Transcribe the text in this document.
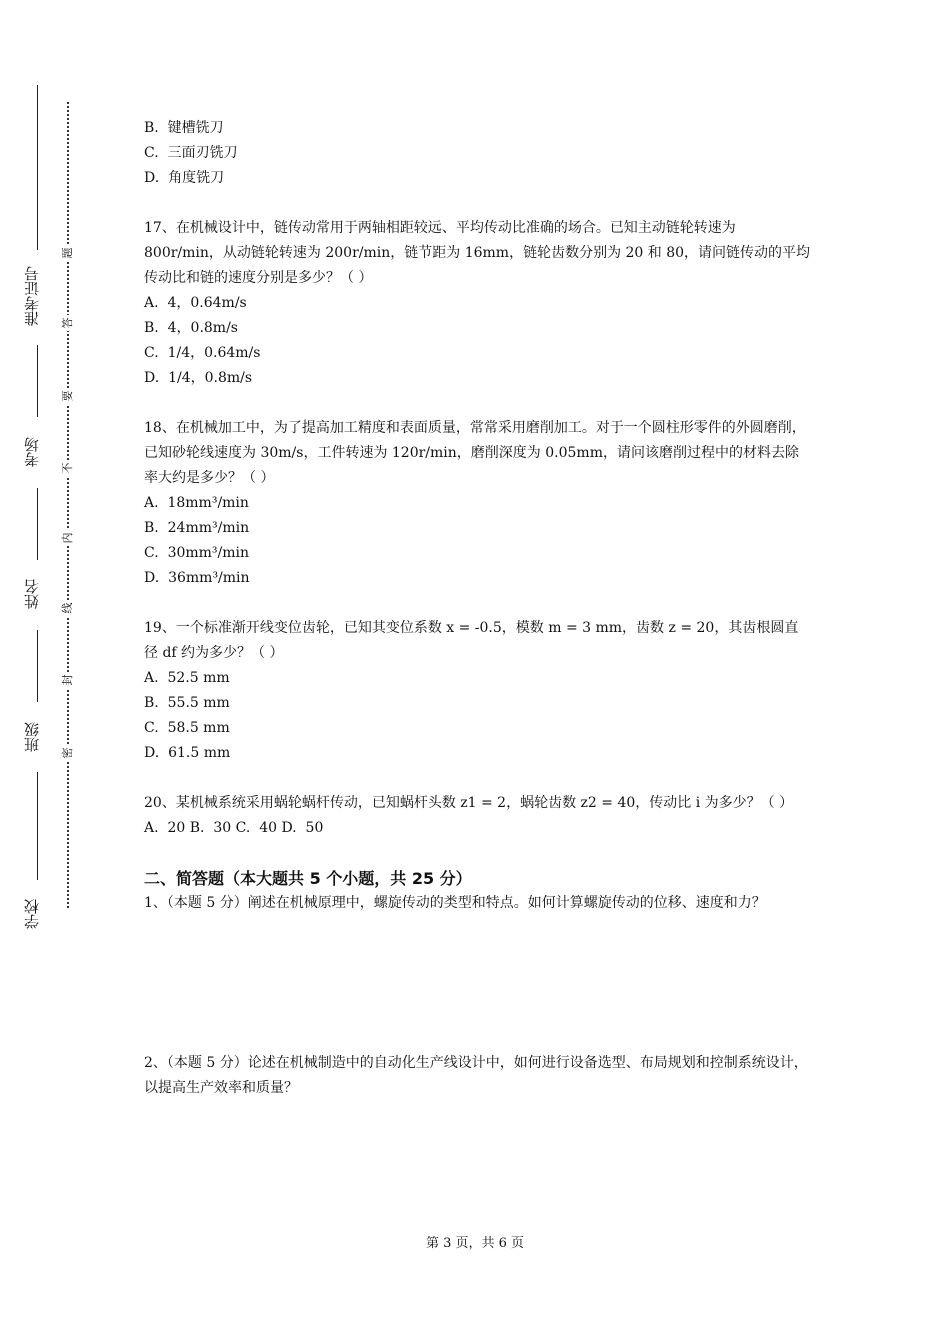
准考证号
考场
姓名
班级
学校
题
答
要
不
内
线
封
密

B.  键槽铣刀

C.  三面刃铣刀

D.  角度铣刀

17、在机械设计中，链传动常用于两轴相距较远、平均传动比准确的场合。已知主动链轮转速为 800r/min，从动链轮转速为 200r/min，链节距为 16mm，链轮齿数分别为 20 和 80，请问链传动的平均传动比和链的速度分别是多少？（ ）

A.  4，0.64m/s

B.  4，0.8m/s

C.  1/4，0.64m/s

D.  1/4，0.8m/s

18、在机械加工中，为了提高加工精度和表面质量，常常采用磨削加工。对于一个圆柱形零件的外圆磨削，已知砂轮线速度为 30m/s，工件转速为 120r/min，磨削深度为 0.05mm，请问该磨削过程中的材料去除率大约是多少？（ ）

A.  18mm³/min

B.  24mm³/min

C.  30mm³/min

D.  36mm³/min

19、一个标准渐开线变位齿轮，已知其变位系数 x = -0.5，模数 m = 3 mm，齿数 z = 20，其齿根圆直径 df 约为多少？（ ）

A.  52.5 mm

B.  55.5 mm

C.  58.5 mm

D.  61.5 mm

20、某机械系统采用蜗轮蜗杆传动，已知蜗杆头数 z1 = 2，蜗轮齿数 z2 = 40，传动比 i 为多少？（ ）

A.  20 B.  30 C.  40 D.  50

二、简答题（本大题共 5 个小题，共 25 分）

1、（本题 5 分）阐述在机械原理中，螺旋传动的类型和特点。如何计算螺旋传动的位移、速度和力？

2、（本题 5 分）论述在机械制造中的自动化生产线设计中，如何进行设备选型、布局规划和控制系统设计，以提高生产效率和质量？

第 3 页，共 6 页
